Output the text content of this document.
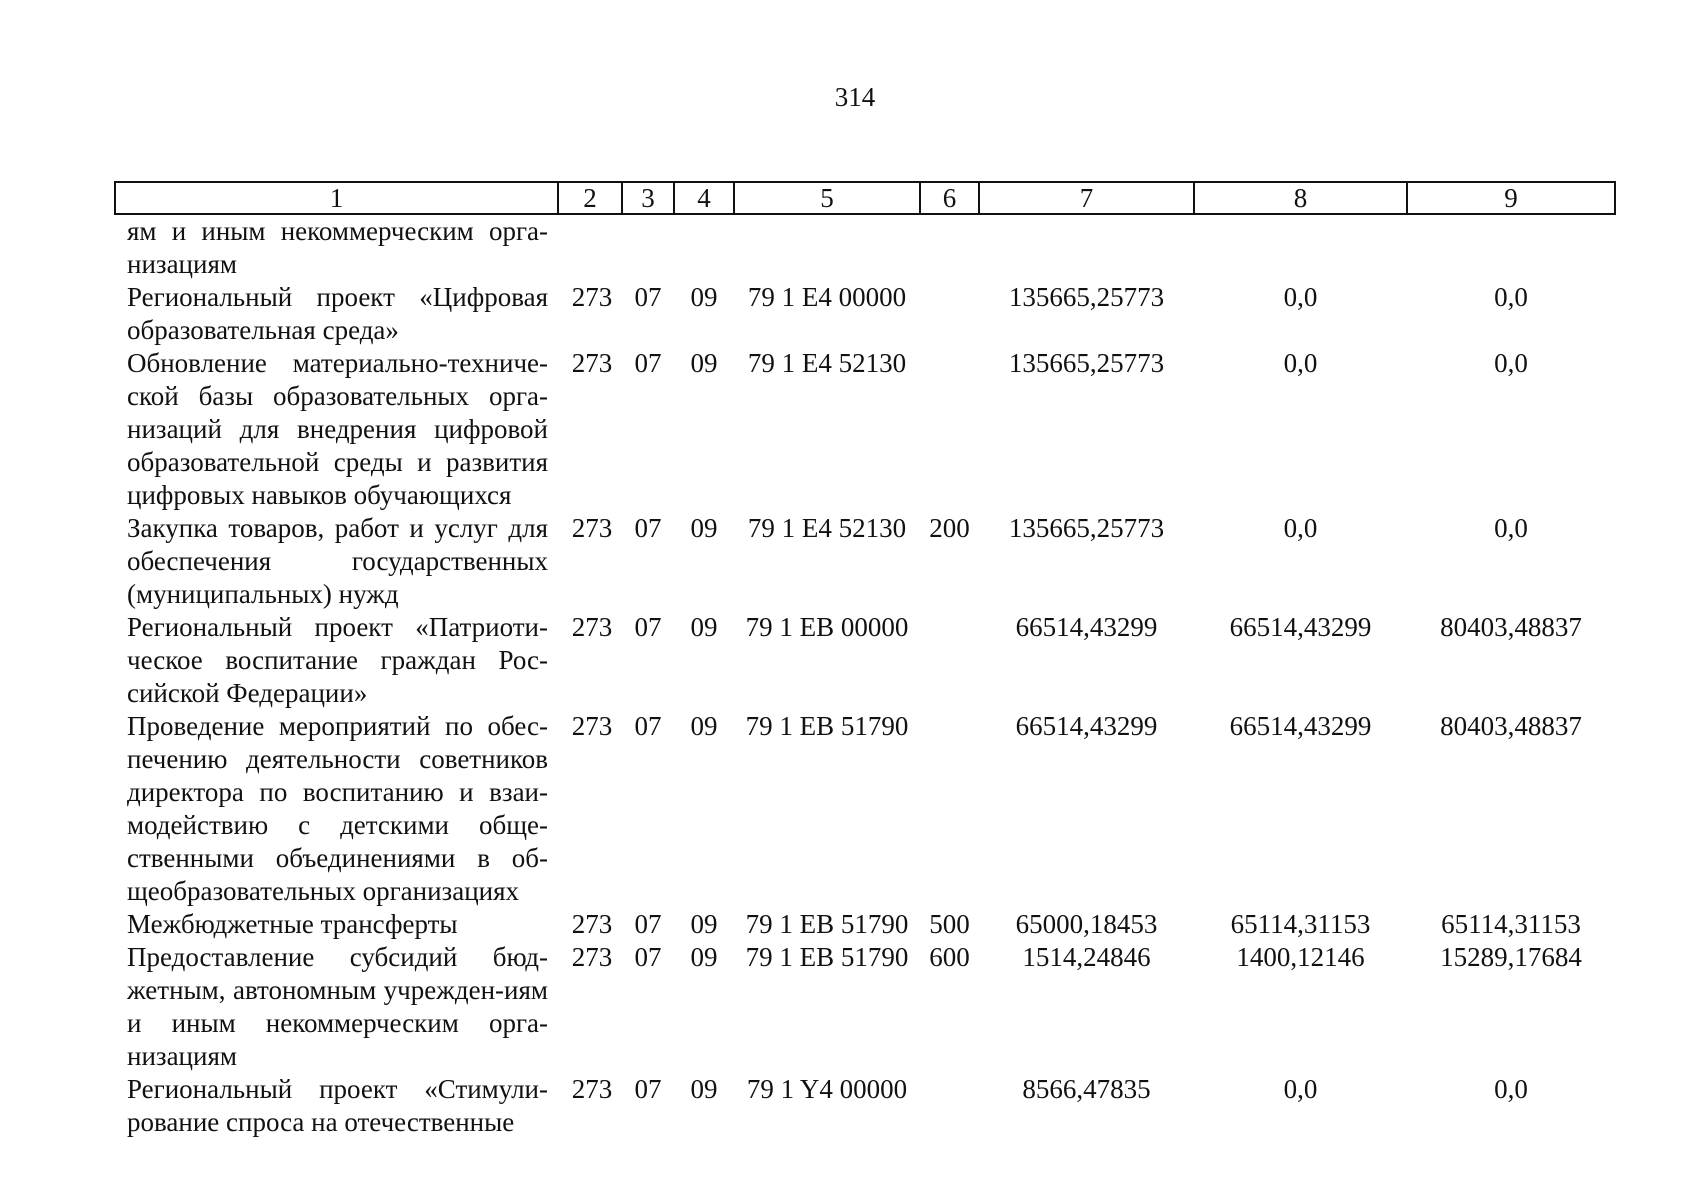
314
1	2	3	4	5	6	7	8	9
ям и иным некоммерческим орга-низациям								
Региональный проект «Цифровая образовательная среда»	273	07	09	79 1 E4 00000		135665,25773	0,0	0,0
Обновление материально-техниче-ской базы образовательных орга-низаций для внедрения цифровой образовательной среды и развития цифровых навыков обучающихся	273	07	09	79 1 E4 52130		135665,25773	0,0	0,0
Закупка товаров, работ и услуг для обеспечения государственных (муниципальных) нужд	273	07	09	79 1 E4 52130	200	135665,25773	0,0	0,0
Региональный проект «Патриоти-ческое воспитание граждан Рос-сийской Федерации»	273	07	09	79 1 EB 00000		66514,43299	66514,43299	80403,48837
Проведение мероприятий по обес-печению деятельности советников директора по воспитанию и взаи-модействию с детскими обще-ственными объединениями в об-щеобразовательных организациях	273	07	09	79 1 EB 51790		66514,43299	66514,43299	80403,48837
Межбюджетные трансферты	273	07	09	79 1 EB 51790	500	65000,18453	65114,31153	65114,31153
Предоставление субсидий бюд-жетным, автономным учрежден-иям и иным некоммерческим орга-низациям	273	07	09	79 1 EB 51790	600	1514,24846	1400,12146	15289,17684
Региональный проект «Стимули-рование спроса на отечественные	273	07	09	79 1 Y4 00000		8566,47835	0,0	0,0
